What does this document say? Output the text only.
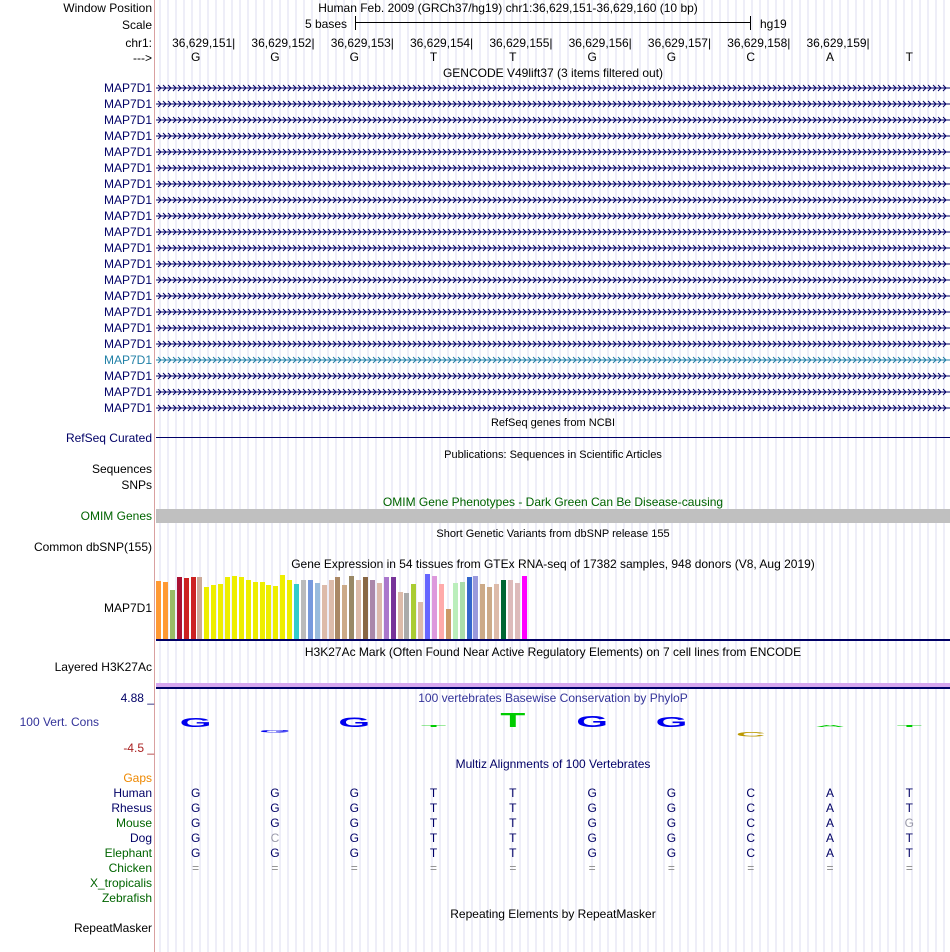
Window Position	Human Feb. 2009 (GRCh37/hg19) chr1:36,629,151-36,629,160 (10 bp)
Scale	5 bases	hg19
chr1:	36,629,151|	36,629,152|	36,629,153|	36,629,154|	36,629,155|	36,629,156|	36,629,157|	36,629,158|	36,629,159|
--->	G	G	G	T	T	G	G	C	A	T
GENCODE V49lift37 (3 items filtered out)
MAP7D1
MAP7D1
MAP7D1
MAP7D1
MAP7D1
MAP7D1
MAP7D1
MAP7D1
MAP7D1
MAP7D1
MAP7D1
MAP7D1
MAP7D1
MAP7D1
MAP7D1
MAP7D1
MAP7D1
MAP7D1
MAP7D1
MAP7D1
MAP7D1
RefSeq genes from NCBI
RefSeq Curated
Publications: Sequences in Scientific Articles
Sequences
SNPs
OMIM Gene Phenotypes - Dark Green Can Be Disease-causing
OMIM Genes
Short Genetic Variants from dbSNP release 155
Common dbSNP(155)
Gene Expression in 54 tissues from GTEx RNA-seq of 17382 samples, 948 donors (V8, Aug 2019)
MAP7D1
H3K27Ac Mark (Often Found Near Active Regulatory Elements) on 7 cell lines from ENCODE
Layered H3K27Ac
4.88 _	100 vertebrates Basewise Conservation by PhyloP
100 Vert. Cons
-4.5 _
G
G
G	T	T	G	G
C
A	T
Multiz Alignments of 100 Vertebrates
Gaps
Human	G	G	G	T	T	G	G	C	A	T
Rhesus	G	G	G	T	T	G	G	C	A	T
Mouse	G	G	G	T	T	G	G	C	A	G
Dog	G	C	G	T	T	G	G	C	A	T
Elephant	G	G	G	T	T	G	G	C	A	T
Chicken	=	=	=	=	=	=	=	=	=	=
X_tropicalis
Zebrafish
Repeating Elements by RepeatMasker
RepeatMasker
